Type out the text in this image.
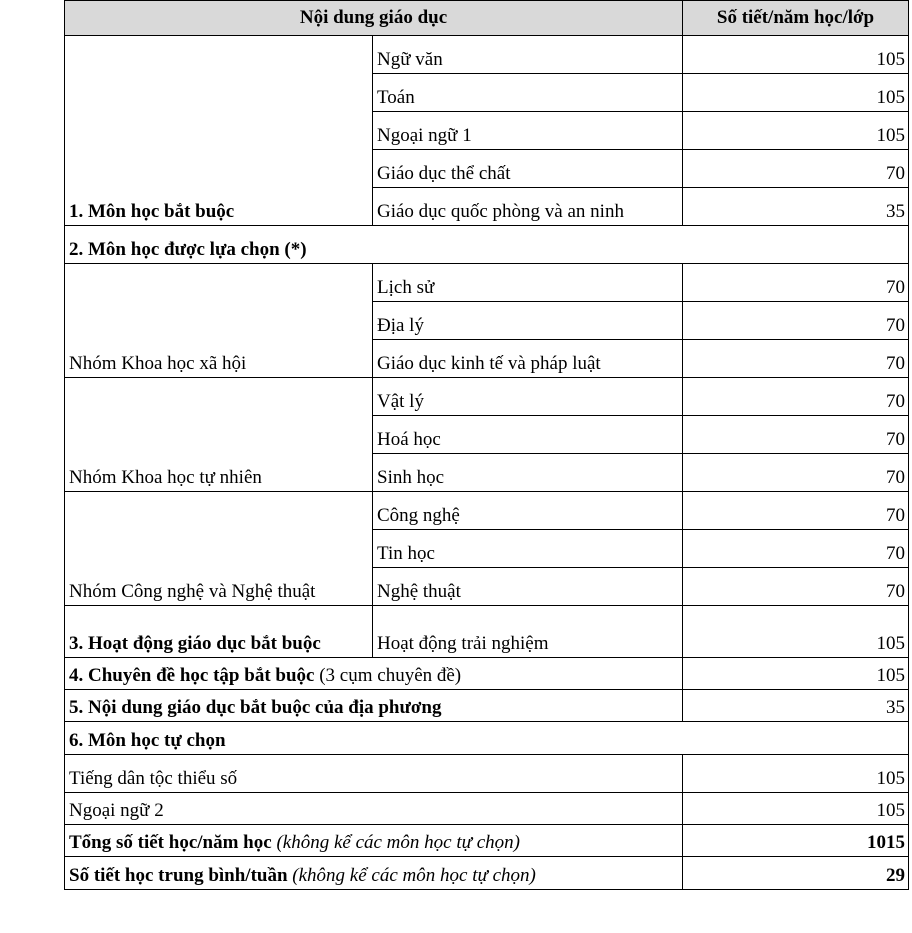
Nội dung giáo dục		Số tiết/năm học/lớp
1. Môn học bắt buộc	Ngữ văn	105
	Toán	105
	Ngoại ngữ 1	105
	Giáo dục thể chất	70
	Giáo dục quốc phòng và an ninh	35
2. Môn học được lựa chọn (*)		
Nhóm Khoa học xã hội	Lịch sử	70
	Địa lý	70
	Giáo dục kinh tế và pháp luật	70
Nhóm Khoa học tự nhiên	Vật lý	70
	Hoá học	70
	Sinh học	70
Nhóm Công nghệ và Nghệ thuật	Công nghệ	70
	Tin học	70
	Nghệ thuật	70
3. Hoạt động giáo dục bắt buộc	Hoạt động trải nghiệm	105
4. Chuyên đề học tập bắt buộc (3 cụm chuyên đề)		105
5. Nội dung giáo dục bắt buộc của địa phương		35
6. Môn học tự chọn		
Tiếng dân tộc thiểu số		105
Ngoại ngữ 2		105
Tổng số tiết học/năm học (không kể các môn học tự chọn)		1015
Số tiết học trung bình/tuần (không kể các môn học tự chọn)		29
